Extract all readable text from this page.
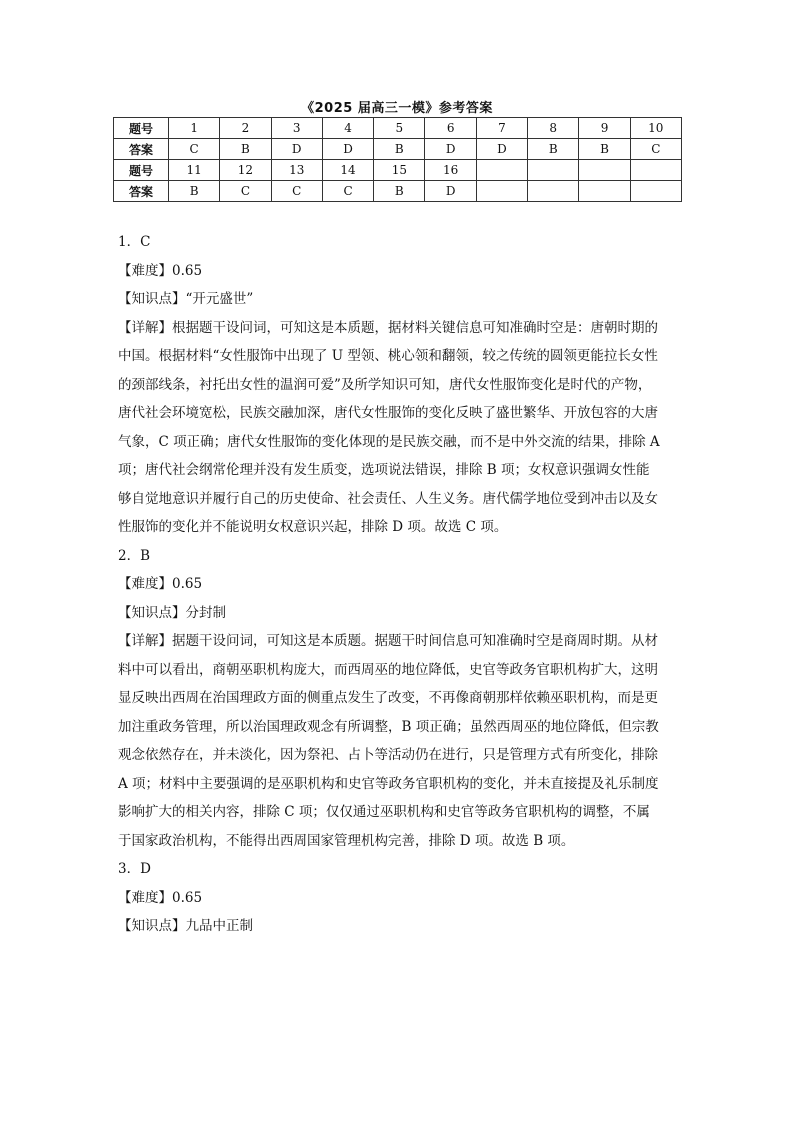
《2025 届高三一模》参考答案
题号	1	2	3	4	5	6	7	8	9	10
答案	C	B	D	D	B	D	D	B	B	C
题号	11	12	13	14	15	16				
答案	B	C	C	C	B	D				

1．C

【难度】0.65

【知识点】“开元盛世”

【详解】根据题干设问词，可知这是本质题，据材料关键信息可知准确时空是：唐朝时期的

中国。根据材料“女性服饰中出现了 U 型领、桃心领和翻领，较之传统的圆领更能拉长女性

的颈部线条，衬托出女性的温润可爱”及所学知识可知，唐代女性服饰变化是时代的产物，

唐代社会环境宽松，民族交融加深，唐代女性服饰的变化反映了盛世繁华、开放包容的大唐

气象，C 项正确；唐代女性服饰的变化体现的是民族交融，而不是中外交流的结果，排除 A

项；唐代社会纲常伦理并没有发生质变，选项说法错误，排除 B 项；女权意识强调女性能

够自觉地意识并履行自己的历史使命、社会责任、人生义务。唐代儒学地位受到冲击以及女

性服饰的变化并不能说明女权意识兴起，排除 D 项。故选 C 项。

2．B

【难度】0.65

【知识点】分封制

【详解】据题干设问词，可知这是本质题。据题干时间信息可知准确时空是商周时期。从材

料中可以看出，商朝巫职机构庞大，而西周巫的地位降低，史官等政务官职机构扩大，这明

显反映出西周在治国理政方面的侧重点发生了改变，不再像商朝那样依赖巫职机构，而是更

加注重政务管理，所以治国理政观念有所调整，B 项正确；虽然西周巫的地位降低，但宗教

观念依然存在，并未淡化，因为祭祀、占卜等活动仍在进行，只是管理方式有所变化，排除

A 项；材料中主要强调的是巫职机构和史官等政务官职机构的变化，并未直接提及礼乐制度

影响扩大的相关内容，排除 C 项；仅仅通过巫职机构和史官等政务官职机构的调整，不属

于国家政治机构，不能得出西周国家管理机构完善，排除 D 项。故选 B 项。

3．D

【难度】0.65

【知识点】九品中正制
